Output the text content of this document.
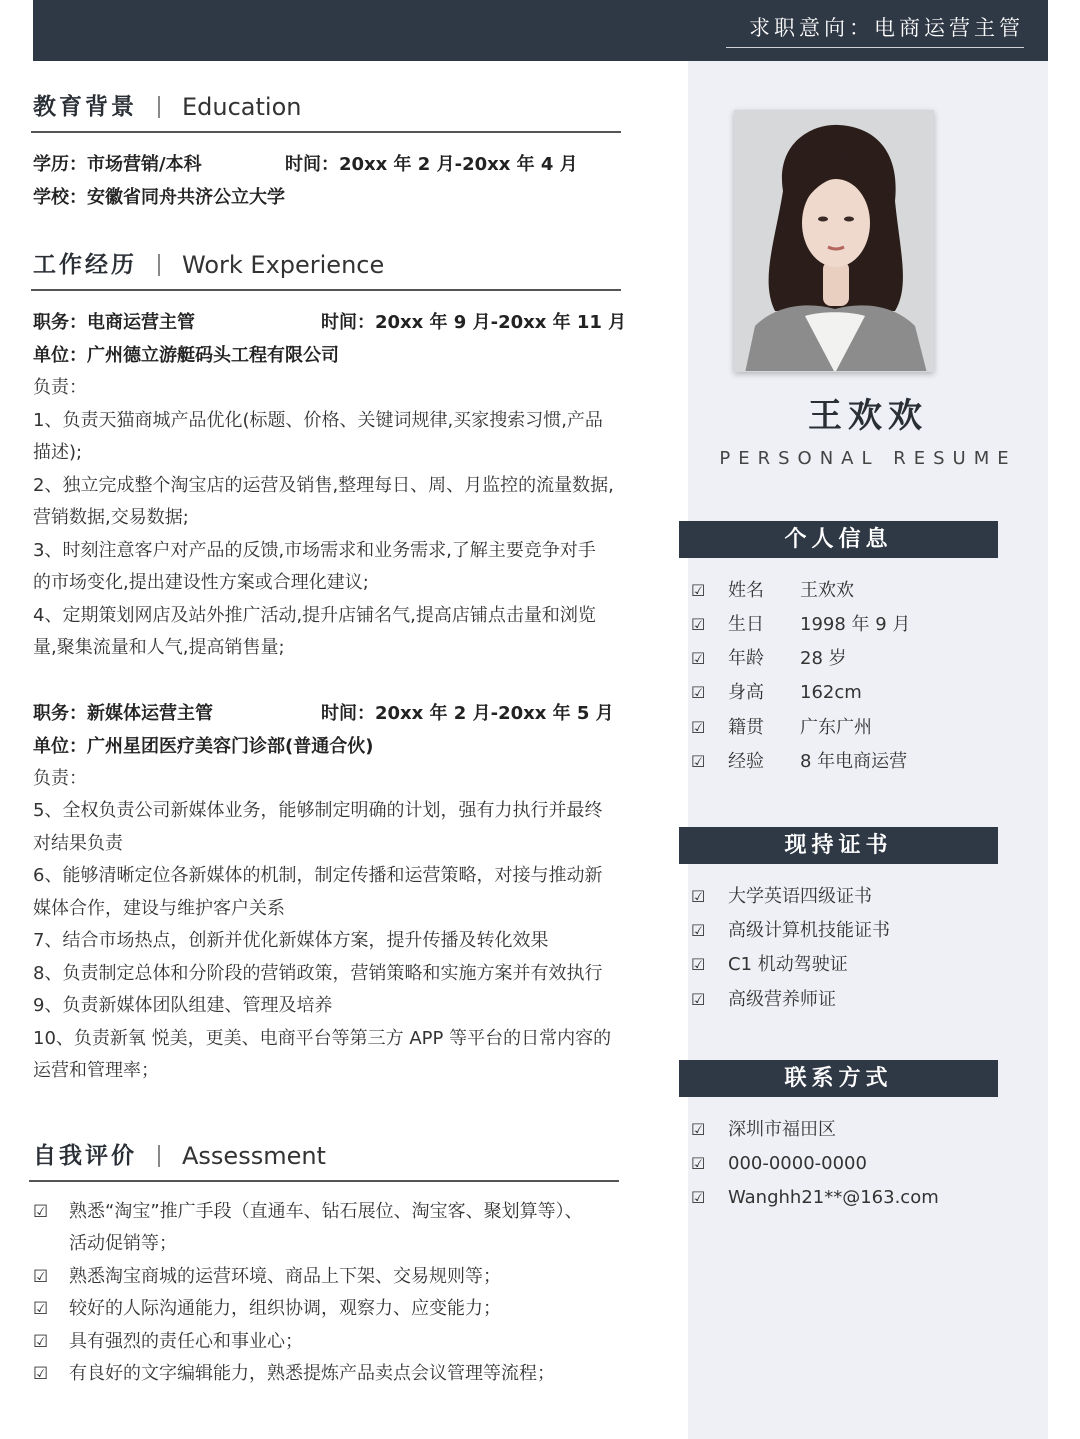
求职意向：电商运营主管
教育背景 Education
学历：市场营销/本科	时间：20xx 年 2 月-20xx 年 4 月
学校：安徽省同舟共济公立大学
工作经历 Work Experience
职务：电商运营主管	时间：20xx 年 9 月-20xx 年 11 月
单位：广州德立游艇码头工程有限公司
负责：
1、负责天猫商城产品优化(标题、价格、关键词规律,买家搜索习惯,产品
描述);
2、独立完成整个淘宝店的运营及销售,整理每日、周、月监控的流量数据,
营销数据,交易数据;
3、时刻注意客户对产品的反馈,市场需求和业务需求,了解主要竞争对手
的市场变化,提出建设性方案或合理化建议;
4、定期策划网店及站外推广活动,提升店铺名气,提高店铺点击量和浏览
量,聚集流量和人气,提高销售量;
职务：新媒体运营主管	时间：20xx 年 2 月-20xx 年 5 月
单位：广州星团医疗美容门诊部(普通合伙)
负责：
5、全权负责公司新媒体业务，能够制定明确的计划，强有力执行并最终
对结果负责
6、能够清晰定位各新媒体的机制，制定传播和运营策略，对接与推动新
媒体合作，建设与维护客户关系
7、结合市场热点，创新并优化新媒体方案，提升传播及转化效果
8、负责制定总体和分阶段的营销政策，营销策略和实施方案并有效执行
9、负责新媒体团队组建、管理及培养
10、负责新氧 悦美，更美、电商平台等第三方 APP 等平台的日常内容的
运营和管理率；
自我评价 Assessment
☑ 熟悉“淘宝”推广手段（直通车、钻石展位、淘宝客、聚划算等）、
活动促销等；
☑ 熟悉淘宝商城的运营环境、商品上下架、交易规则等；
☑ 较好的人际沟通能力，组织协调，观察力、应变能力；
☑ 具有强烈的责任心和事业心；
☑ 有良好的文字编辑能力，熟悉提炼产品卖点会议管理等流程；
王欢欢
PERSONAL RESUME
个人信息
☑ 姓名 王欢欢
☑ 生日 1998 年 9 月
☑ 年龄 28 岁
☑ 身高 162cm
☑ 籍贯 广东广州
☑ 经验 8 年电商运营
现持证书
☑ 大学英语四级证书
☑ 高级计算机技能证书
☑ C1 机动驾驶证
☑ 高级营养师证
联系方式
☑ 深圳市福田区
☑ 000-0000-0000
☑ Wanghh21**@163.com
